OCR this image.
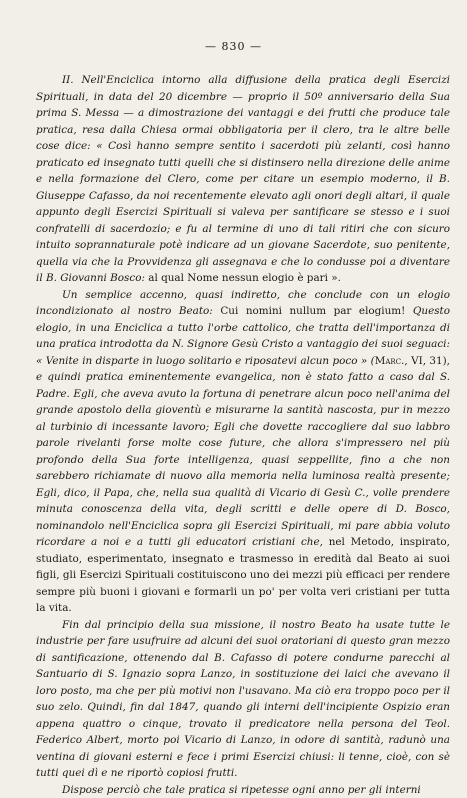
— 830 —

II. Nell'Enciclica intorno alla diffusione della pratica degli Esercizi Spirituali, in data del 20 dicembre — proprio il 50º anniversario della Sua prima S. Messa — a dimostrazione dei vantaggi e dei frutti che produce tale pratica, resa dalla Chiesa ormai obbligatoria per il clero, tra le altre belle cose dice: « Così hanno sempre sentito i sacerdoti più zelanti, così hanno praticato ed insegnato tutti quelli che si distinsero nella direzione delle anime e nella formazione del Clero, come per citare un esempio moderno, il B. Giuseppe Cafasso, da noi recentemente elevato agli onori degli altari, il quale appunto degli Esercizi Spirituali si valeva per santificare se stesso e i suoi confratelli di sacerdozio; e fu al termine di uno di tali ritiri che con sicuro intuito soprannaturale potè indicare ad un giovane Sacerdote, suo penitente, quella via che la Provvidenza gli assegnava e che lo condusse poi a diventare il B. Giovanni Bosco: al qual Nome nessun elogio è pari ».

Un semplice accenno, quasi indiretto, che conclude con un elogio incondizionato al nostro Beato: Cui nomini nullum par elogium! Questo elogio, in una Enciclica a tutto l'orbe cattolico, che tratta dell'importanza di una pratica introdotta da N. Signore Gesù Cristo a vantaggio dei suoi seguaci: « Venite in disparte in luogo solitario e riposatevi alcun poco » (Marc., VI, 31), e quindi pratica eminentemente evangelica, non è stato fatto a caso dal S. Padre. Egli, che aveva avuto la fortuna di penetrare alcun poco nell'anima del grande apostolo della gioventù e misurarne la santità nascosta, pur in mezzo al turbinio di incessante lavoro; Egli che dovette raccogliere dal suo labbro parole rivelanti forse molte cose future, che allora s'impressero nel più profondo della Sua forte intelligenza, quasi seppellite, fino a che non sarebbero richiamate di nuovo alla memoria nella luminosa realtà presente; Egli, dico, il Papa, che, nella sua qualità di Vicario di Gesù C., volle prendere minuta conoscenza della vita, degli scritti e delle opere di D. Bosco, nominandolo nell'Enciclica sopra gli Esercizi Spirituali, mi pare abbia voluto ricordare a noi e a tutti gli educatori cristiani che, nel Metodo, inspirato, studiato, esperimentato, insegnato e trasmesso in eredità dal Beato ai suoi figli, gli Esercizi Spirituali costituiscono uno dei mezzi più efficaci per rendere sempre più buoni i giovani e formarli un po' per volta veri cristiani per tutta la vita.

Fin dal principio della sua missione, il nostro Beato ha usate tutte le industrie per fare usufruire ad alcuni dei suoi oratoriani di questo gran mezzo di santificazione, ottenendo dal B. Cafasso di potere condurne parecchi al Santuario di S. Ignazio sopra Lanzo, in sostituzione dei laici che avevano il loro posto, ma che per più motivi non l'usavano. Ma ciò era troppo poco per il suo zelo. Quindi, fin dal 1847, quando gli interni dell'incipiente Ospizio eran appena quattro o cinque, trovato il predicatore nella persona del Teol. Federico Albert, morto poi Vicario di Lanzo, in odore di santità, radunò una ventina di giovani esterni e fece i primi Esercizi chiusi: li tenne, cioè, con sè tutti quei dì e ne riportò copiosi frutti.

Dispose perciò che tale pratica si ripetesse ogni anno per gli interni
